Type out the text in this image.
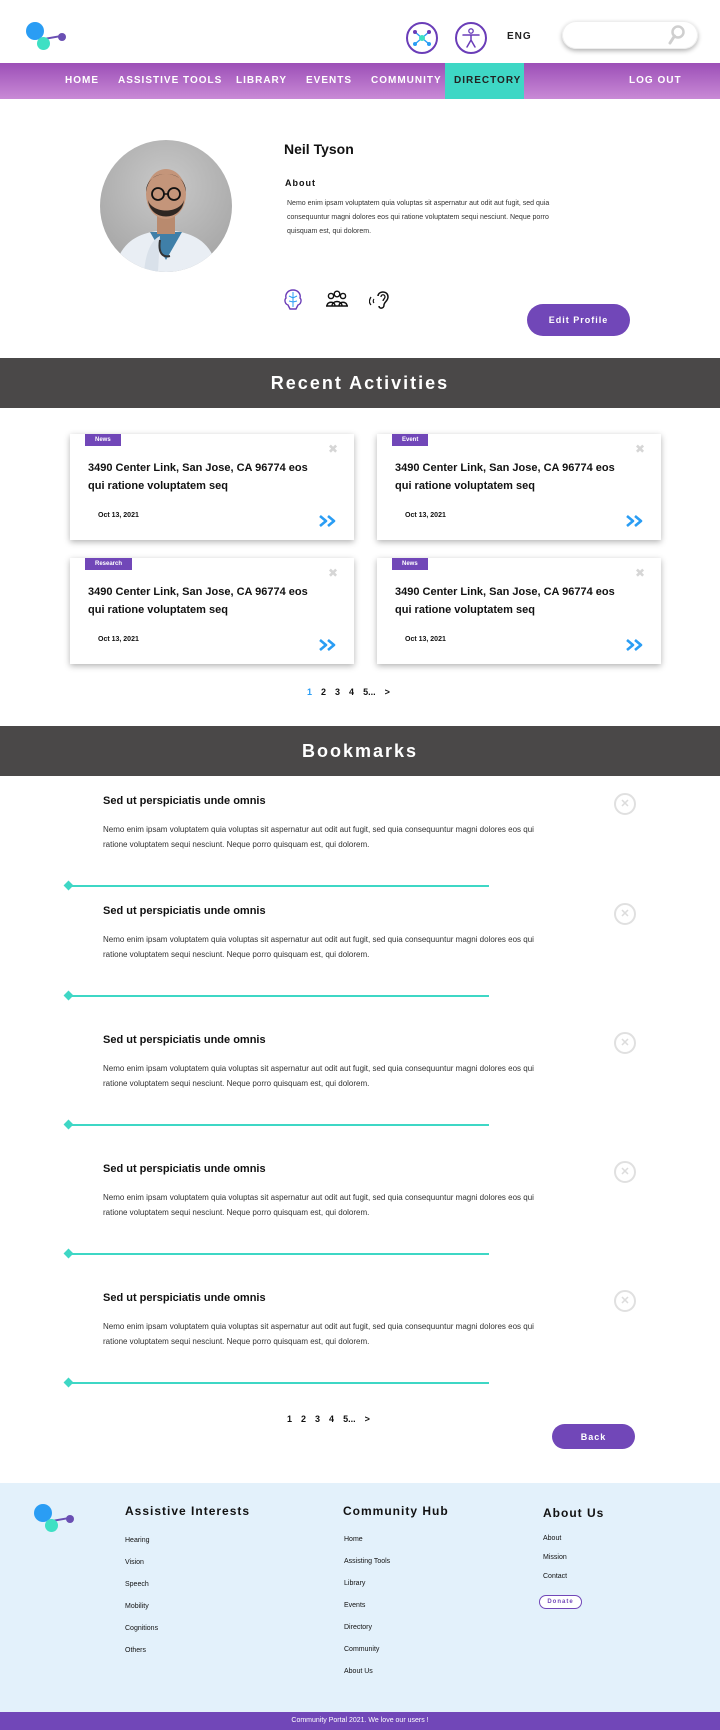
ENG
HOME ASSISTIVE TOOLS LIBRARY EVENTS COMMUNITY	DIRECTORY	LOG OUT
Neil Tyson
About
Nemo enim ipsam voluptatem quia voluptas sit aspernatur aut odit aut fugit, sed quia consequuntur magni dolores eos qui ratione voluptatem sequi nesciunt. Neque porro quisquam est, qui dolorem.
Edit Profile
Recent Activities
News
✖
3490 Center Link, San Jose, CA 96774 eos qui ratione voluptatem seq
Oct 13, 2021
Event
✖
3490 Center Link, San Jose, CA 96774 eos qui ratione voluptatem seq
Oct 13, 2021
Research
✖
3490 Center Link, San Jose, CA 96774 eos qui ratione voluptatem seq
Oct 13, 2021
News
✖
3490 Center Link, San Jose, CA 96774 eos qui ratione voluptatem seq
Oct 13, 2021
1 2 3 4 5... >
Bookmarks
Sed ut perspiciatis unde omnis
Nemo enim ipsam voluptatem quia voluptas sit aspernatur aut odit aut fugit, sed quia consequuntur magni dolores eos qui ratione voluptatem sequi nesciunt. Neque porro quisquam est, qui dolorem.
✕
Sed ut perspiciatis unde omnis
Nemo enim ipsam voluptatem quia voluptas sit aspernatur aut odit aut fugit, sed quia consequuntur magni dolores eos qui ratione voluptatem sequi nesciunt. Neque porro quisquam est, qui dolorem.
✕
Sed ut perspiciatis unde omnis
Nemo enim ipsam voluptatem quia voluptas sit aspernatur aut odit aut fugit, sed quia consequuntur magni dolores eos qui ratione voluptatem sequi nesciunt. Neque porro quisquam est, qui dolorem.
✕
Sed ut perspiciatis unde omnis
Nemo enim ipsam voluptatem quia voluptas sit aspernatur aut odit aut fugit, sed quia consequuntur magni dolores eos qui ratione voluptatem sequi nesciunt. Neque porro quisquam est, qui dolorem.
✕
Sed ut perspiciatis unde omnis
Nemo enim ipsam voluptatem quia voluptas sit aspernatur aut odit aut fugit, sed quia consequuntur magni dolores eos qui ratione voluptatem sequi nesciunt. Neque porro quisquam est, qui dolorem.
✕
1 2 3 4 5... >
Back
Assistive Interests
Hearing
Vision
Speech
Mobility
Cognitions
Others
Community Hub
Home
Assisting Tools
Library
Events
Directory
Community
About Us
About Us
About
Mission
Contact
Donate
Community Portal 2021. We love our users !
